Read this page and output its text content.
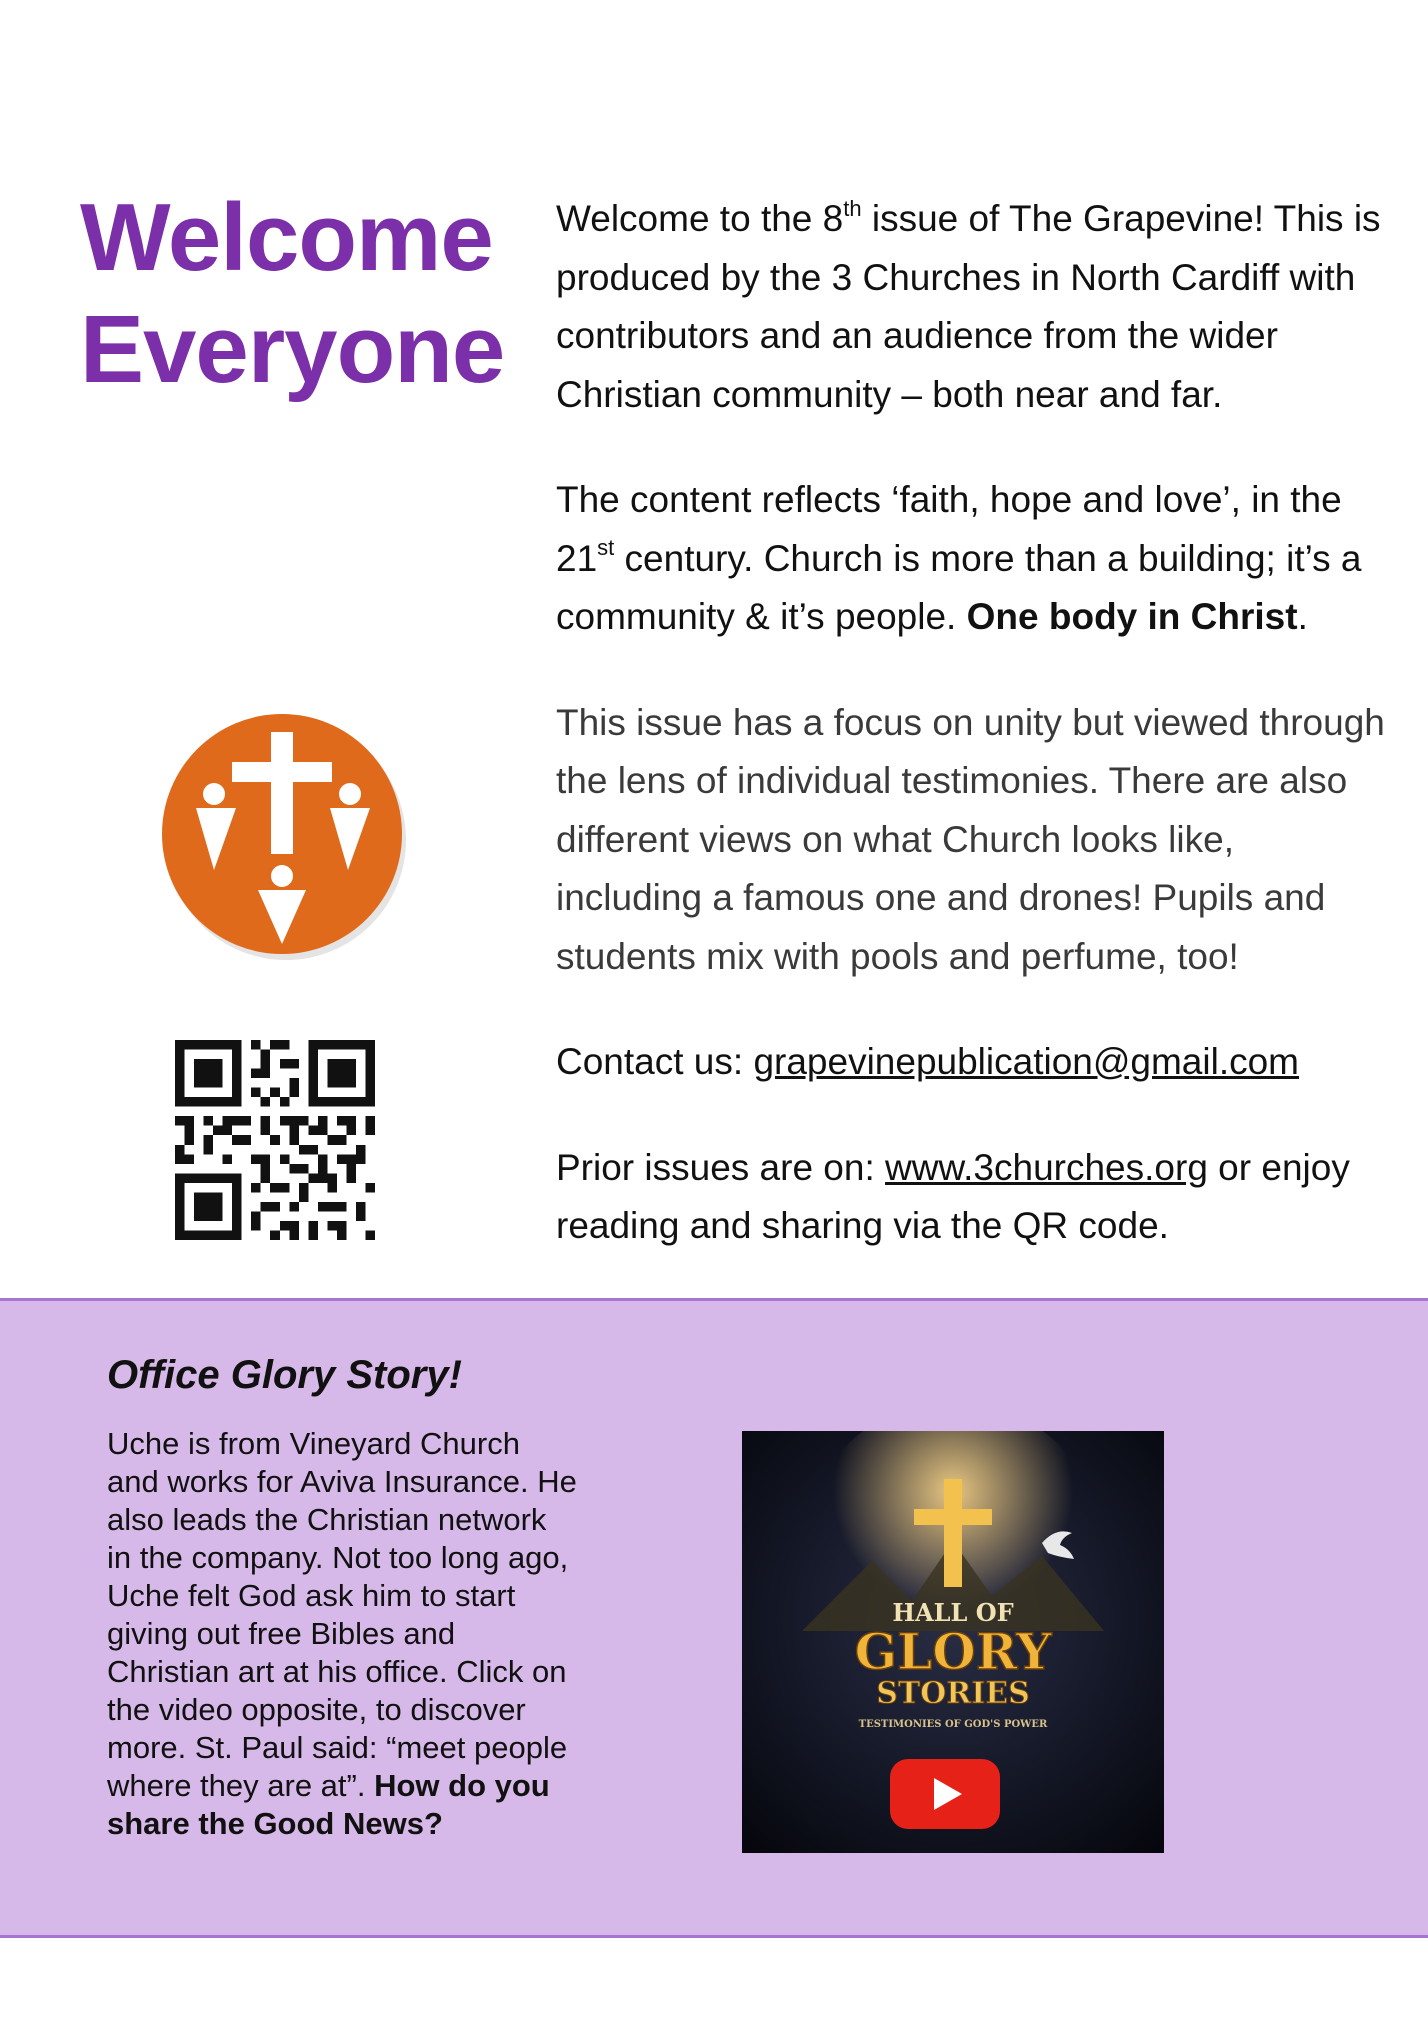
Welcome
Everyone

Welcome to the 8th issue of The Grapevine! This is produced by the 3 Churches in North Cardiff with contributors and an audience from the wider Christian community – both near and far.

The content reflects ‘faith, hope and love’, in the 21st century. Church is more than a building; it’s a community & it’s people. One body in Christ.

This issue has a focus on unity but viewed through the lens of individual testimonies. There are also different views on what Church looks like, including a famous one and drones! Pupils and students mix with pools and perfume, too!

Contact us: grapevinepublication@gmail.com

Prior issues are on: www.3churches.org or enjoy reading and sharing via the QR code.

Office Glory Story!
Uche is from Vineyard Church and works for Aviva Insurance. He also leads the Christian network in the company. Not too long ago, Uche felt God ask him to start giving out free Bibles and Christian art at his office. Click on the video opposite, to discover more. St. Paul said: “meet people where they are at”. How do you share the Good News?
HALL OF
GLORY
STORIES
TESTIMONIES OF GOD'S POWER
